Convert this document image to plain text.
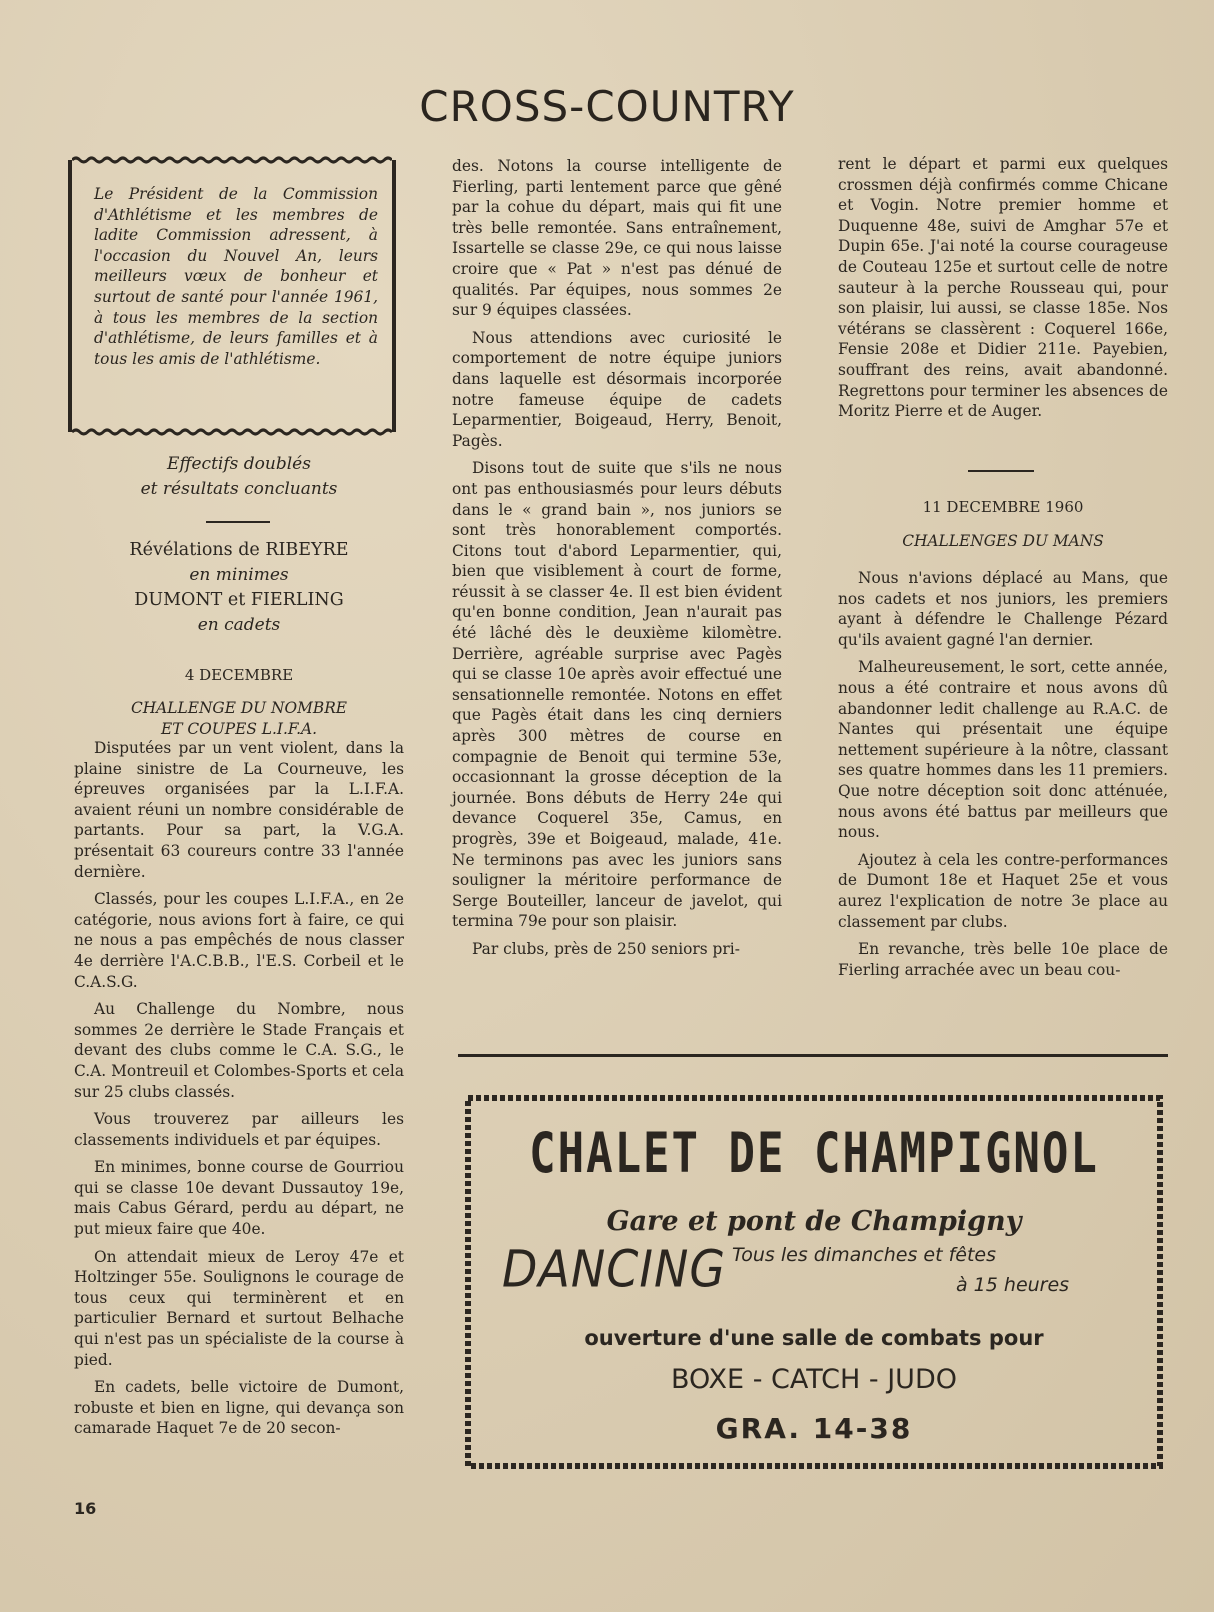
CROSS-COUNTRY
Le Président de la Commission d'Athlétisme et les membres de ladite Commission adressent, à l'occasion du Nouvel An, leurs meilleurs vœux de bonheur et surtout de santé pour l'année 1961, à tous les membres de la section d'athlétisme, de leurs familles et à tous les amis de l'athlétisme.
Effectifs doublés
et résultats concluants
Révélations de RIBEYRE
en minimes
DUMONT et FIERLING
en cadets
4 DECEMBRE
CHALLENGE DU NOMBRE
ET COUPES L.I.F.A.

Disputées par un vent violent, dans la plaine sinistre de La Courneuve, les épreuves organisées par la L.I.F.A. avaient réuni un nombre considérable de partants. Pour sa part, la V.G.A. présentait 63 coureurs contre 33 l'année dernière.

Classés, pour les coupes L.I.F.A., en 2e catégorie, nous avions fort à faire, ce qui ne nous a pas empêchés de nous classer 4e derrière l'A.C.B.B., l'E.S. Corbeil et le C.A.S.G.

Au Challenge du Nombre, nous sommes 2e derrière le Stade Français et devant des clubs comme le C.A. S.G., le C.A. Montreuil et Colombes-Sports et cela sur 25 clubs classés.

Vous trouverez par ailleurs les classements individuels et par équipes.

En minimes, bonne course de Gourriou qui se classe 10e devant Dussautoy 19e, mais Cabus Gérard, perdu au départ, ne put mieux faire que 40e.

On attendait mieux de Leroy 47e et Holtzinger 55e. Soulignons le courage de tous ceux qui terminèrent et en particulier Bernard et surtout Belhache qui n'est pas un spécialiste de la course à pied.

En cadets, belle victoire de Dumont, robuste et bien en ligne, qui devança son camarade Haquet 7e de 20 secon-

des. Notons la course intelligente de Fierling, parti lentement parce que gêné par la cohue du départ, mais qui fit une très belle remontée. Sans entraînement, Issartelle se classe 29e, ce qui nous laisse croire que « Pat » n'est pas dénué de qualités. Par équipes, nous sommes 2e sur 9 équipes classées.

Nous attendions avec curiosité le comportement de notre équipe juniors dans laquelle est désormais incorporée notre fameuse équipe de cadets Leparmentier, Boigeaud, Herry, Benoit, Pagès.

Disons tout de suite que s'ils ne nous ont pas enthousiasmés pour leurs débuts dans le « grand bain », nos juniors se sont très honorablement comportés. Citons tout d'abord Leparmentier, qui, bien que visiblement à court de forme, réussit à se classer 4e. Il est bien évident qu'en bonne condition, Jean n'aurait pas été lâché dès le deuxième kilomètre. Derrière, agréable surprise avec Pagès qui se classe 10e après avoir effectué une sensationnelle remontée. Notons en effet que Pagès était dans les cinq derniers après 300 mètres de course en compagnie de Benoit qui termine 53e, occasionnant la grosse déception de la journée. Bons débuts de Herry 24e qui devance Coquerel 35e, Camus, en progrès, 39e et Boigeaud, malade, 41e. Ne terminons pas avec les juniors sans souligner la méritoire performance de Serge Bouteiller, lanceur de javelot, qui termina 79e pour son plaisir.

Par clubs, près de 250 seniors pri-

rent le départ et parmi eux quelques crossmen déjà confirmés comme Chicane et Vogin. Notre premier homme et Duquenne 48e, suivi de Amghar 57e et Dupin 65e. J'ai noté la course courageuse de Couteau 125e et surtout celle de notre sauteur à la perche Rousseau qui, pour son plaisir, lui aussi, se classe 185e. Nos vétérans se classèrent : Coquerel 166e, Fensie 208e et Didier 211e. Payebien, souffrant des reins, avait abandonné. Regrettons pour terminer les absences de Moritz Pierre et de Auger.

11 DECEMBRE 1960
CHALLENGES DU MANS

Nous n'avions déplacé au Mans, que nos cadets et nos juniors, les premiers ayant à défendre le Challenge Pézard qu'ils avaient gagné l'an dernier.

Malheureusement, le sort, cette année, nous a été contraire et nous avons dû abandonner ledit challenge au R.A.C. de Nantes qui présentait une équipe nettement supérieure à la nôtre, classant ses quatre hommes dans les 11 premiers. Que notre déception soit donc atténuée, nous avons été battus par meilleurs que nous.

Ajoutez à cela les contre-performances de Dumont 18e et Haquet 25e et vous aurez l'explication de notre 3e place au classement par clubs.

En revanche, très belle 10e place de Fierling arrachée avec un beau cou-

CHALET DE CHAMPIGNOL
Gare et pont de Champigny
DANCING Tous les dimanches et fêtes
à 15 heures
ouverture d'une salle de combats pour
BOXE - CATCH - JUDO
GRA. 14-38
16
